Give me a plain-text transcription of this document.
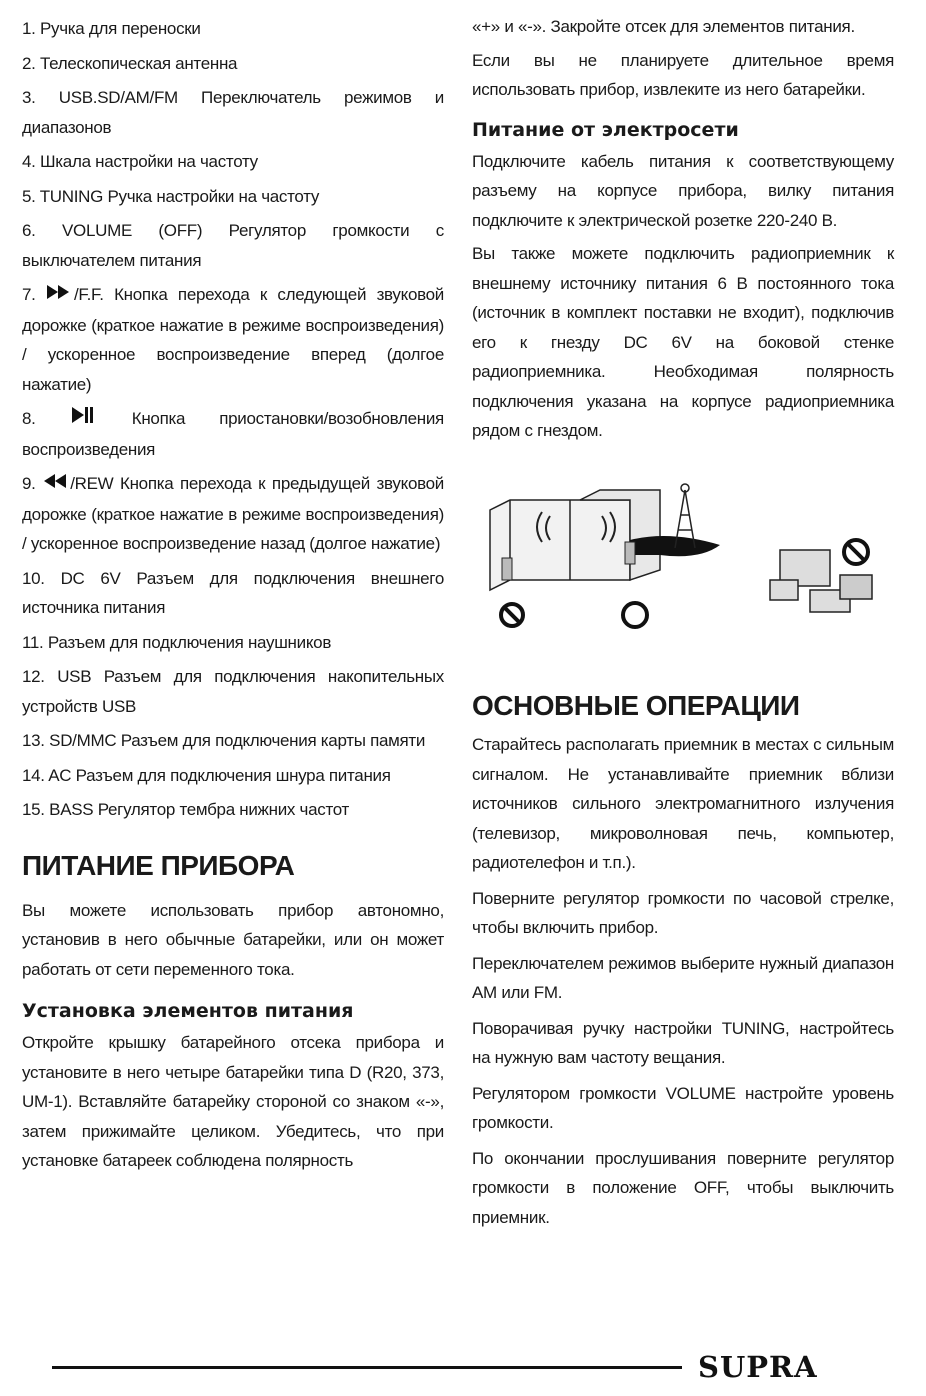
1. Ручка для переноски
2. Телескопическая антенна
3. USB.SD/AM/FM Переключатель режимов и диапазонов
4. Шкала настройки на частоту
5. TUNING Ручка настройки на частоту
6. VOLUME (OFF) Регулятор громкости с выключателем питания
7. /F.F. Кнопка перехода к следующей звуковой дорожке (краткое нажатие в режиме воспроизведения) / ускоренное воспроизведение вперед (долгое нажатие)
8.	Кнопка приостановки/возобновления воспроизведения
9. /REW Кнопка перехода к предыдущей звуковой дорожке (краткое нажатие в режиме воспроизведения) / ускоренное воспроизведение назад (долгое нажатие)
10. DC 6V Разъем для подключения внешнего источника питания
11. Разъем для подключения наушников
12. USB Разъем для подключения накопительных устройств USB
13. SD/MMC Разъем для подключения карты памяти
14. AC Разъем для подключения шнура питания
15. BASS Регулятор тембра нижних частот
ПИТАНИЕ ПРИБОРА

Вы можете использовать прибор автономно, установив в него обычные батарейки, или он может работать от сети переменного тока.

Установка элементов питания

Откройте крышку батарейного отсека прибора и установите в него четыре батарейки типа D (R20, 373, UM-1). Вставляйте батарейку стороной со знаком «-», затем прижимайте целиком. Убедитесь, что при установке батареек соблюдена полярность

«+» и «-». Закройте отсек для элементов питания.

Если вы не планируете длительное время использовать прибор, извлеките из него батарейки.

Питание от электросети

Подключите кабель питания к соответствующему разъему на корпусе прибора, вилку питания подключите к электрической розетке 220-240 В.

Вы также можете подключить радиоприемник к внешнему источнику питания 6 В постоянного тока (источник в комплект поставки не входит), подключив его к гнезду DC 6V на боковой стенке радиоприемника. Необходимая полярность подключения указана на корпусе радиоприемника рядом с гнездом.

ОСНОВНЫЕ ОПЕРАЦИИ

Старайтесь располагать приемник в местах с сильным сигналом. Не устанавливайте приемник вблизи источников сильного электромагнитного излучения (телевизор, микроволновая печь, компьютер, радиотелефон и т.п.).

Поверните регулятор громкости по часовой стрелке, чтобы включить прибор.

Переключателем режимов выберите нужный диапазон AM или FM.

Поворачивая ручку настройки TUNING, настройтесь на нужную вам частоту вещания.

Регулятором громкости VOLUME настройте уровень громкости.

По окончании прослушивания поверните регулятор громкости в положение OFF, чтобы выключить приемник.

SUPRA
